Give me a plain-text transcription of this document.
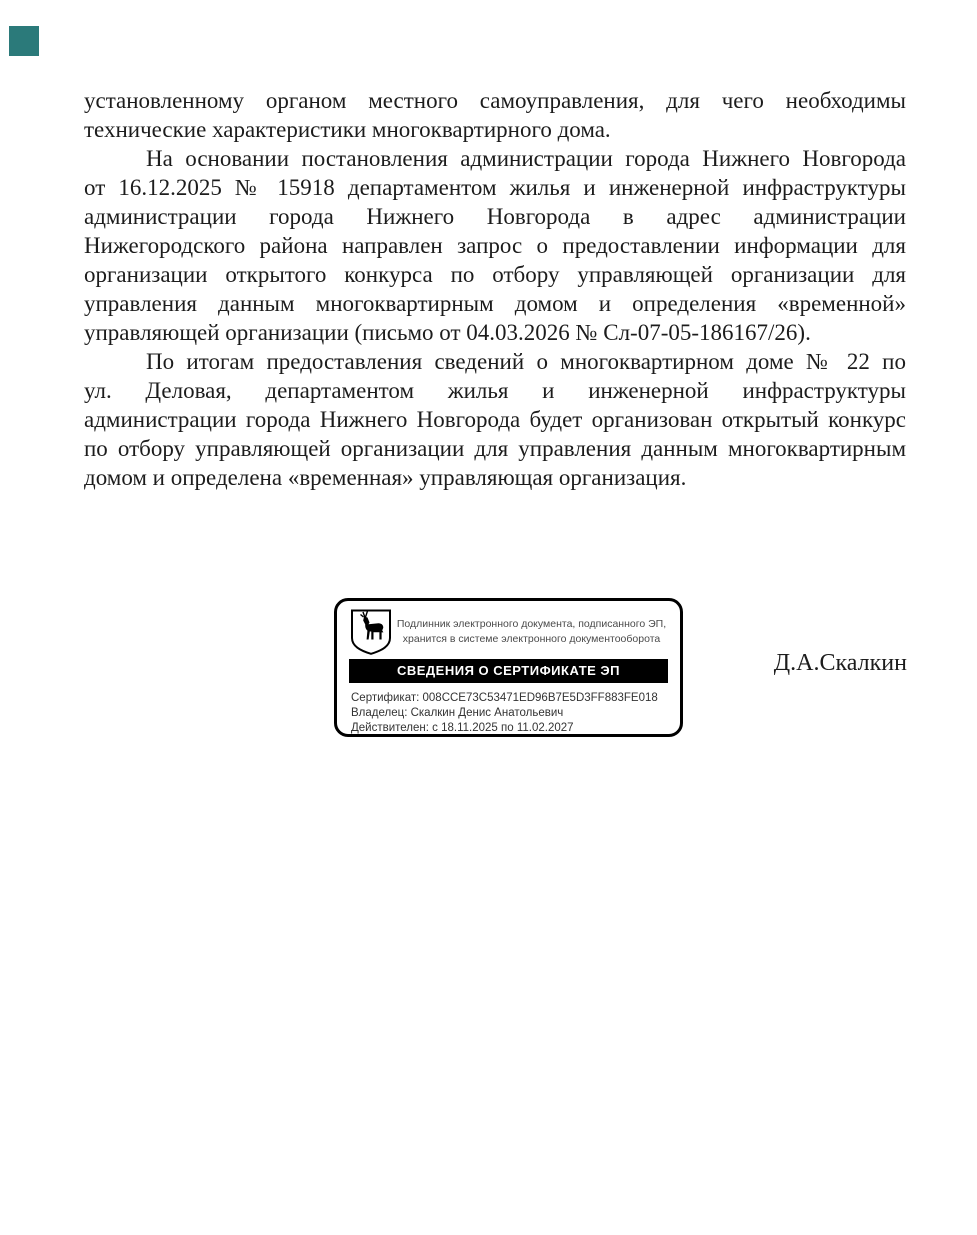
установленному органом местного самоуправления, для чего необходимы
технические характеристики многоквартирного дома.
На основании постановления администрации города Нижнего Новгорода
от 16.12.2025 № 15918 департаментом жилья и инженерной инфраструктуры
администрации города Нижнего Новгорода в адрес администрации
Нижегородского района направлен запрос о предоставлении информации для
организации открытого конкурса по отбору управляющей организации для
управления данным многоквартирным домом и определения «временной»
управляющей организации (письмо от 04.03.2026 № Сл-07-05-186167/26).
По итогам предоставления сведений о многоквартирном доме № 22 по
ул. Деловая, департаментом жилья и инженерной инфраструктуры
администрации города Нижнего Новгорода будет организован открытый конкурс
по отбору управляющей организации для управления данным многоквартирным
домом и определена «временная» управляющая организация.
Подлинник электронного документа, подписанного ЭП,
хранится в системе электронного документооборота
СВЕДЕНИЯ О СЕРТИФИКАТЕ ЭП
Сертификат: 008CCE73C53471ED96B7E5D3FF883FE018
Владелец: Скалкин Денис Анатольевич
Действителен: с 18.11.2025 по 11.02.2027
Д.А.Скалкин
